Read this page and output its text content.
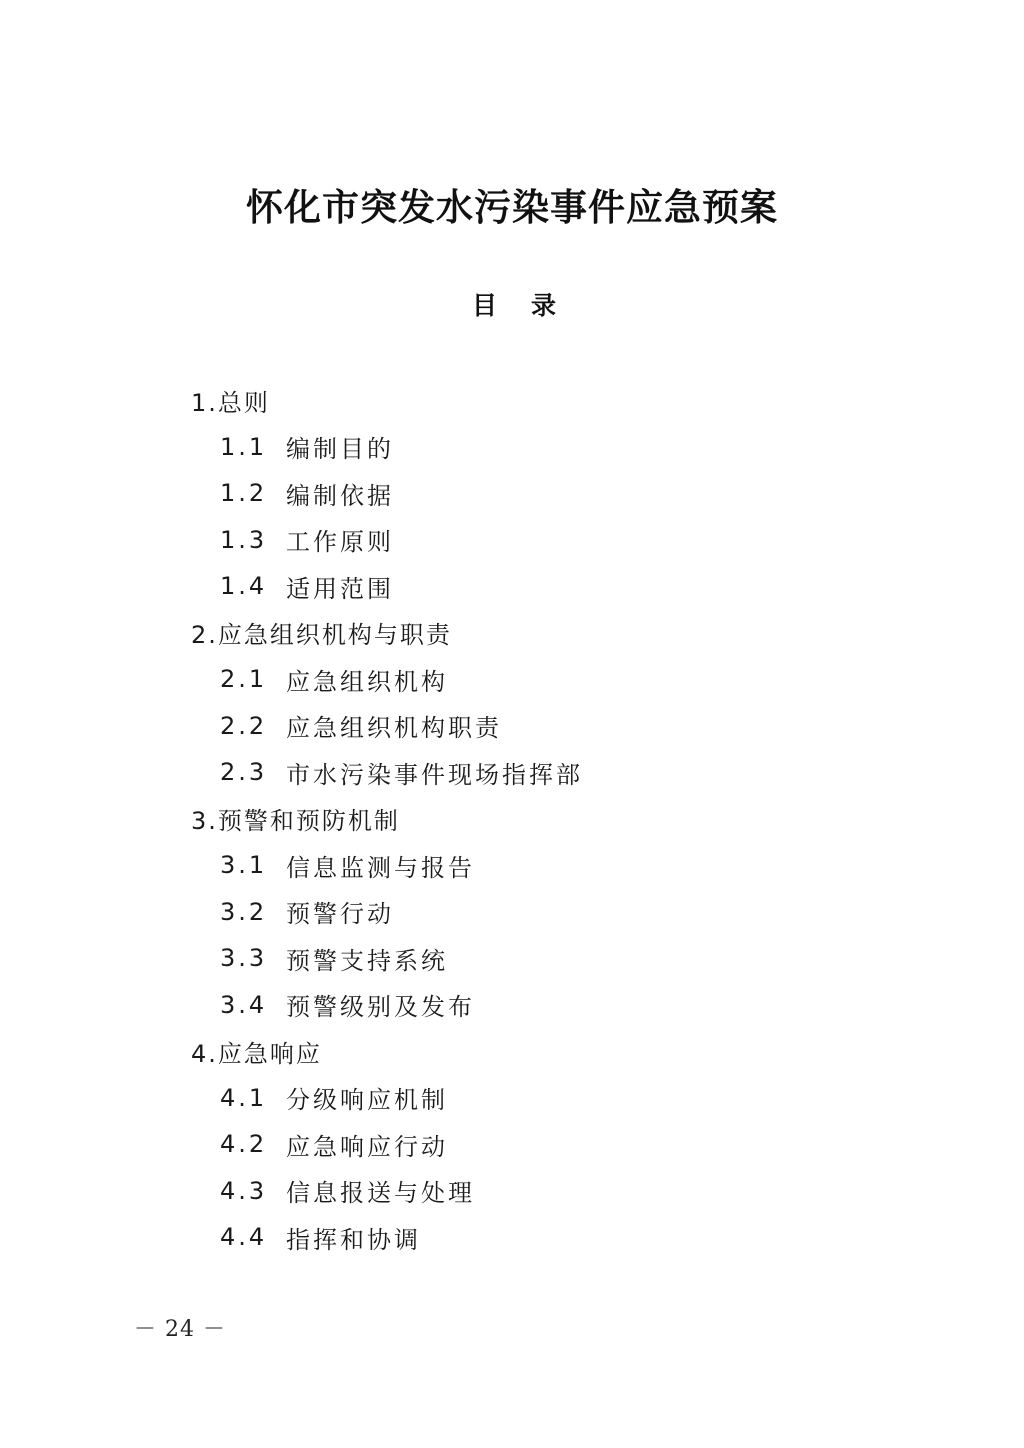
怀化市突发水污染事件应急预案
目录
1.总则
1.1 编制目的
1.2 编制依据
1.3 工作原则
1.4 适用范围
2.应急组织机构与职责
2.1 应急组织机构
2.2 应急组织机构职责
2.3 市水污染事件现场指挥部
3.预警和预防机制
3.1 信息监测与报告
3.2 预警行动
3.3 预警支持系统
3.4 预警级别及发布
4.应急响应
4.1 分级响应机制
4.2 应急响应行动
4.3 信息报送与处理
4.4 指挥和协调
－ 24 －
